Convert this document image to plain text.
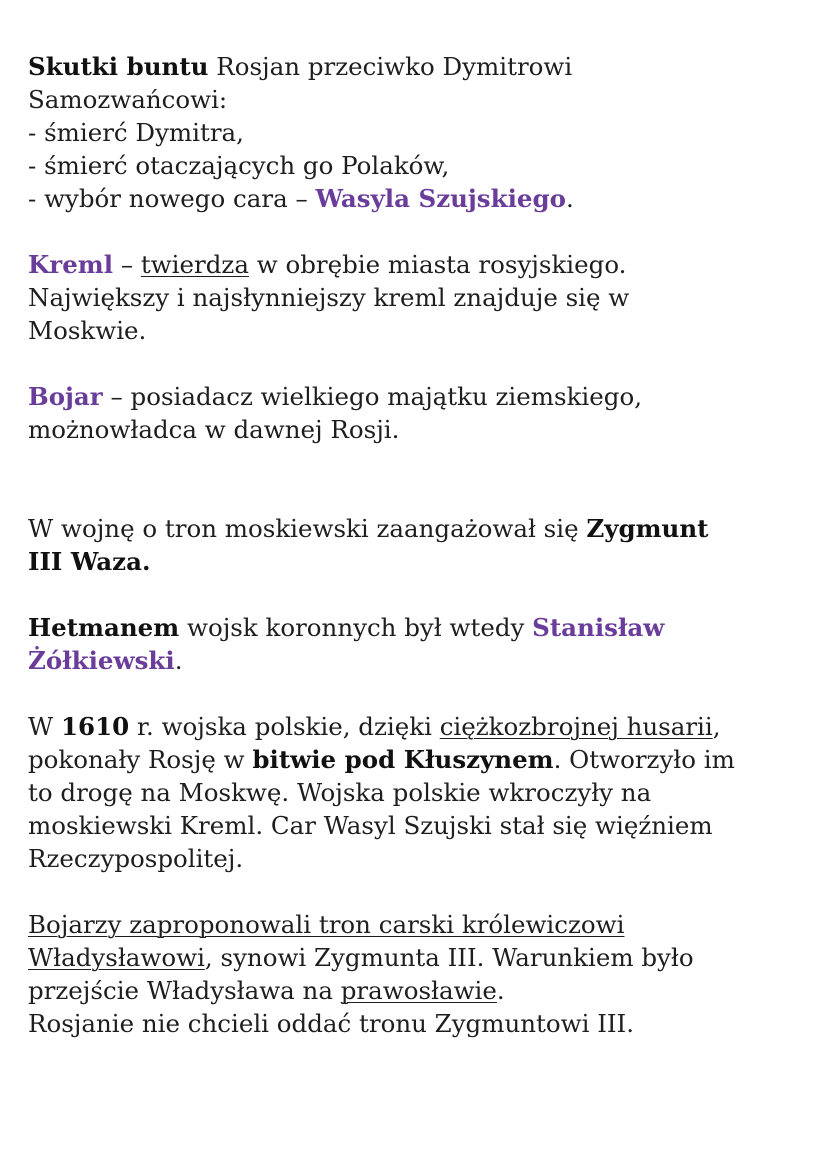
Skutki buntu Rosjan przeciwko Dymitrowi
Samozwańcowi:
- śmierć Dymitra,
- śmierć otaczających go Polaków,
- wybór nowego cara – Wasyla Szujskiego.
Kreml – twierdza w obrębie miasta rosyjskiego.
Największy i najsłynniejszy kreml znajduje się w
Moskwie.
Bojar – posiadacz wielkiego majątku ziemskiego,
możnowładca w dawnej Rosji.
W wojnę o tron moskiewski zaangażował się Zygmunt
III Waza.
Hetmanem wojsk koronnych był wtedy Stanisław
Żółkiewski.
W 1610 r. wojska polskie, dzięki ciężkozbrojnej husarii,
pokonały Rosję w bitwie pod Kłuszynem. Otworzyło im
to drogę na Moskwę. Wojska polskie wkroczyły na
moskiewski Kreml. Car Wasyl Szujski stał się więźniem
Rzeczypospolitej.
Bojarzy zaproponowali tron carski królewiczowi
Władysławowi, synowi Zygmunta III. Warunkiem było
przejście Władysława na prawosławie.
Rosjanie nie chcieli oddać tronu Zygmuntowi III.
